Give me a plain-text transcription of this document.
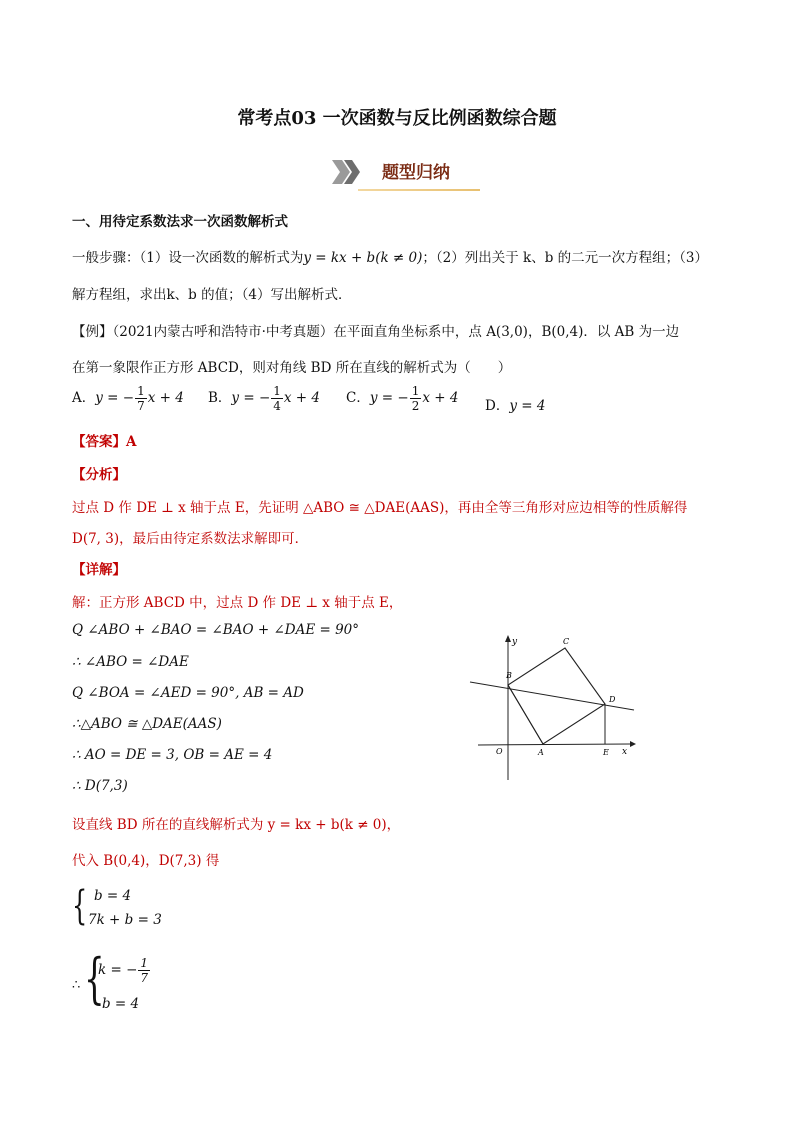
常考点03 一次函数与反比例函数综合题
题型归纳
一、用待定系数法求一次函数解析式
一般步骤：（1）设一次函数的解析式为y = kx + b(k ≠ 0)；（2）列出关于 k、b 的二元一次方程组；（3）
解方程组，求出k、b 的值；（4）写出解析式．
【例】（2021内蒙古呼和浩特市·中考真题）在平面直角坐标系中，点 A(3,0)，B(0,4)．以 AB 为一边
在第一象限作正方形 ABCD，则对角线 BD 所在直线的解析式为（　　）
A．y = − $\frac{1}{7}$ x + 4 B．y = − $\frac{1}{4}$ x + 4 C．y = − $\frac{1}{2}$ x + 4 D．y = 4
【答案】A
【分析】
过点 D 作 DE ⊥ x 轴于点 E，先证明 △ABO ≅ △DAE(AAS)，再由全等三角形对应边相等的性质解得
D(7, 3)，最后由待定系数法求解即可．
【详解】
解：正方形 ABCD 中，过点 D 作 DE ⊥ x 轴于点 E，
Q ∠ABO + ∠BAO = ∠BAO + ∠DAE = 90°
∴ ∠ABO = ∠DAE
Q ∠BOA = ∠AED = 90°, AB = AD
∴△ABO ≅ △DAE(AAS)
∴ AO = DE = 3, OB = AE = 4
∴ D(7,3)
设直线 BD 所在的直线解析式为 y = kx + b(k ≠ 0)，
代入 B(0,4)，D(7,3) 得
{ b = 4
7k + b = 3
∴ {
k = − $\frac{1}{7}$
b = 4
y
x
O	A
B
C
D
E
